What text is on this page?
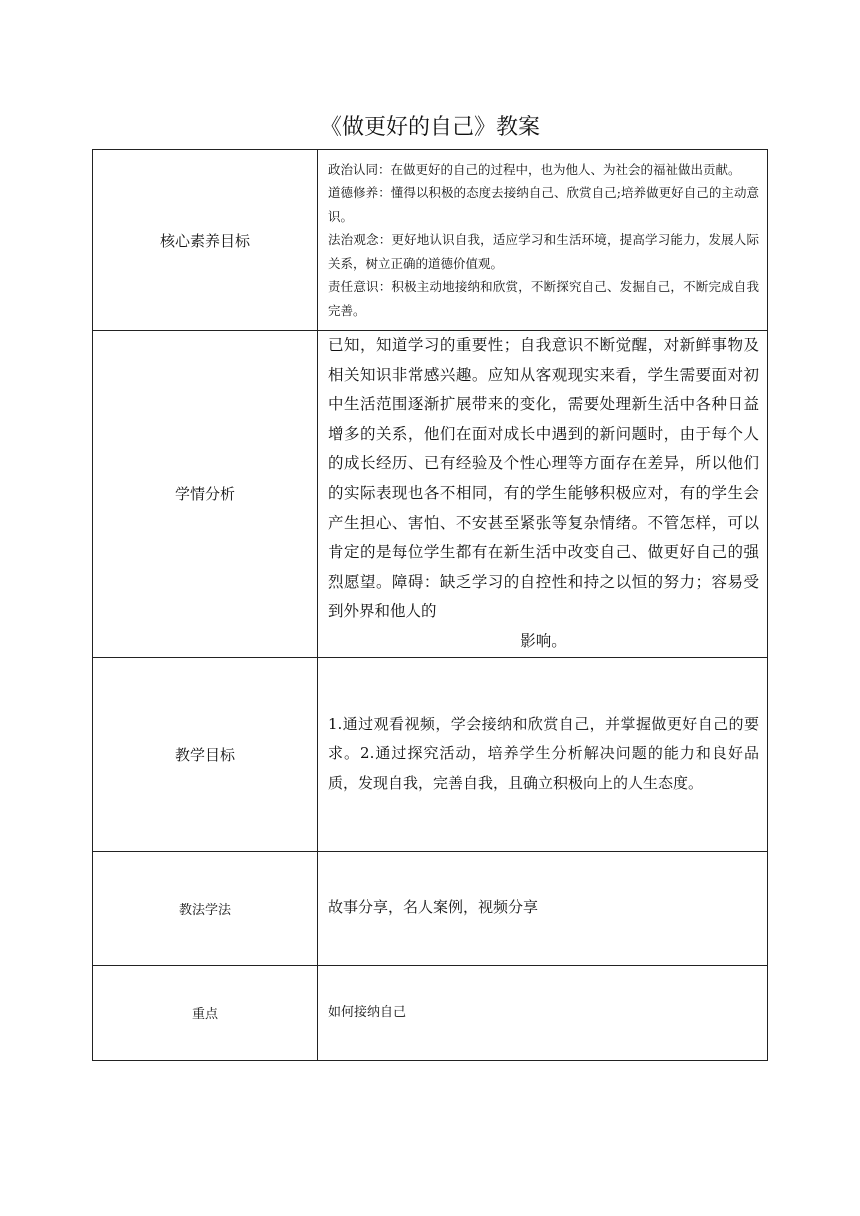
《做更好的自己》教案
核心素养目标	政治认同：在做更好的自己的过程中，也为他人、为社会的福祉做出贡献。

道德修养：懂得以积极的态度去接纳自己、欣赏自己;培养做更好自己的主动意识。

法治观念：更好地认识自我，适应学习和生活环境，提高学习能力，发展人际关系，树立正确的道德价值观。

责任意识：积极主动地接纳和欣赏，不断探究自己、发掘自己，不断完成自我完善。

学情分析	已知，知道学习的重要性；自我意识不断觉醒，对新鲜事物及相关知识非常感兴趣。应知从客观现实来看，学生需要面对初中生活范围逐渐扩展带来的变化，需要处理新生活中各种日益增多的关系，他们在面对成长中遇到的新问题时，由于每个人的成长经历、已有经验及个性心理等方面存在差异，所以他们的实际表现也各不相同，有的学生能够积极应对，有的学生会产生担心、害怕、不安甚至紧张等复杂情绪。不管怎样，可以肯定的是每位学生都有在新生活中改变自己、做更好自己的强烈愿望。障碍：缺乏学习的自控性和持之以恒的努力；容易受到外界和他人的
影响。

教学目标	1.通过观看视频，学会接纳和欣赏自己，并掌握做更好自己的要求。2.通过探究活动，培养学生分析解决问题的能力和良好品质，发现自我，完善自我，且确立积极向上的人生态度。
教法学法	故事分享，名人案例，视频分享
重点	如何接纳自己
